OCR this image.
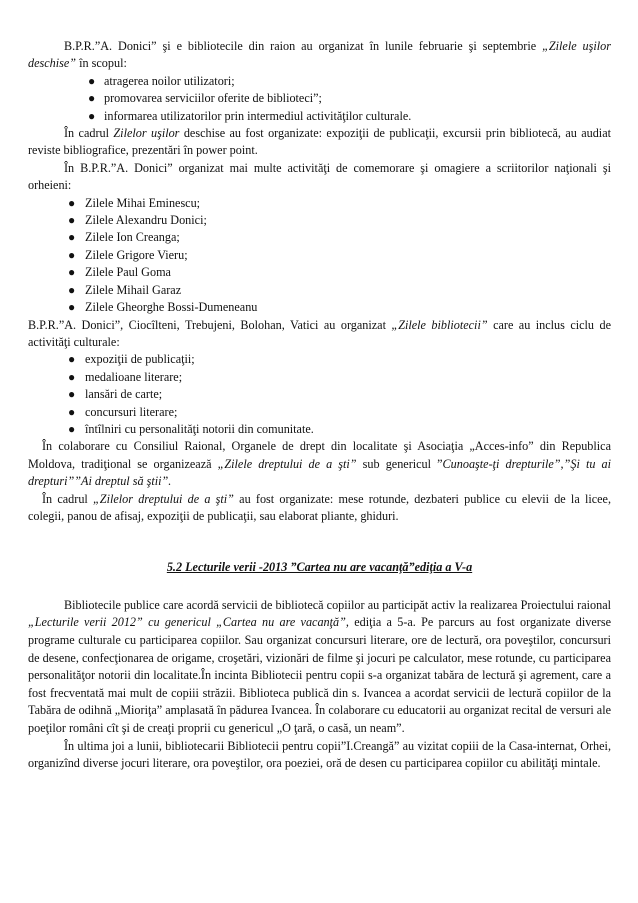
B.P.R.”A. Donici” şi e bibliotecile din raion au organizat în lunile februarie şi septembrie „Zilele uşilor deschise” în scopul:

● atragerea noilor utilizatori;
● promovarea serviciilor oferite de biblioteci”;
● informarea utilizatorilor prin intermediul activităţilor culturale.

În cadrul Zilelor uşilor deschise au fost organizate: expoziţii de publicaţii, excursii prin bibliotecă, au audiat reviste bibliografice, prezentări în power point.

În B.P.R.”A. Donici” organizat mai multe activităţi de comemorare şi omagiere a scriitorilor naţionali şi orheieni:

● Zilele Mihai Eminescu;
● Zilele Alexandru Donici;
● Zilele Ion Creanga;
● Zilele Grigore Vieru;
● Zilele Paul Goma
● Zilele Mihail Garaz
● Zilele Gheorghe Bossi-Dumeneanu

B.P.R.”A. Donici”, Ciocîlteni, Trebujeni, Bolohan, Vatici au organizat „Zilele bibliotecii” care au inclus ciclu de activităţi culturale:

● expoziţii de publicaţii;
● medalioane literare;
● lansări de carte;
● concursuri literare;
● întîlniri cu personalităţi notorii din comunitate.

În colaborare cu Consiliul Raional, Organele de drept din localitate şi Asociaţia „Acces-info” din Republica Moldova, tradiţional se organizează „Zilele dreptului de a şti” sub genericul ”Cunoaşte-ţi drepturile”,”Şi tu ai drepturi””Ai dreptul să ştii”.

În cadrul „Zilelor dreptului de a şti” au fost organizate: mese rotunde, dezbateri publice cu elevii de la licee, colegii, panou de afisaj, expoziţii de publicaţii, sau elaborat pliante, ghiduri.

5.2 Lecturile verii -2013 ”Cartea nu are vacanţă”ediţia a V-a

Bibliotecile publice care acordă servicii de bibliotecă copiilor au participăt activ la realizarea Proiectului raional „Lecturile verii 2012” cu genericul „Cartea nu are vacanţă”, ediţia a 5-a. Pe parcurs au fost organizate diverse programe culturale cu participarea copiilor. Sau organizat concursuri literare, ore de lectură, ora poveştilor, concursuri de desene, confecţionarea de origame, croşetări, vizionări de filme şi jocuri pe calculator, mese rotunde, cu participarea personalităţor notorii din localitate.În incinta Bibliotecii pentru copii s-a organizat tabăra de lectură şi agrement, care a fost frecventată mai mult de copiii străzii. Biblioteca publică din s. Ivancea a acordat servicii de lectură copiilor de la Tabăra de odihnă „Mioriţa” amplasată în pădurea Ivancea. În colaborare cu educatorii au organizat recital de versuri ale poeţilor români cît şi de creaţi proprii cu genericul „O ţară, o casă, un neam”.

În ultima joi a lunii, bibliotecarii Bibliotecii pentru copii”I.Creangă” au vizitat copiii de la Casa-internat, Orhei, organizînd diverse jocuri literare, ora poveştilor, ora poeziei, oră de desen cu participarea copiilor cu abilităţi mintale.
